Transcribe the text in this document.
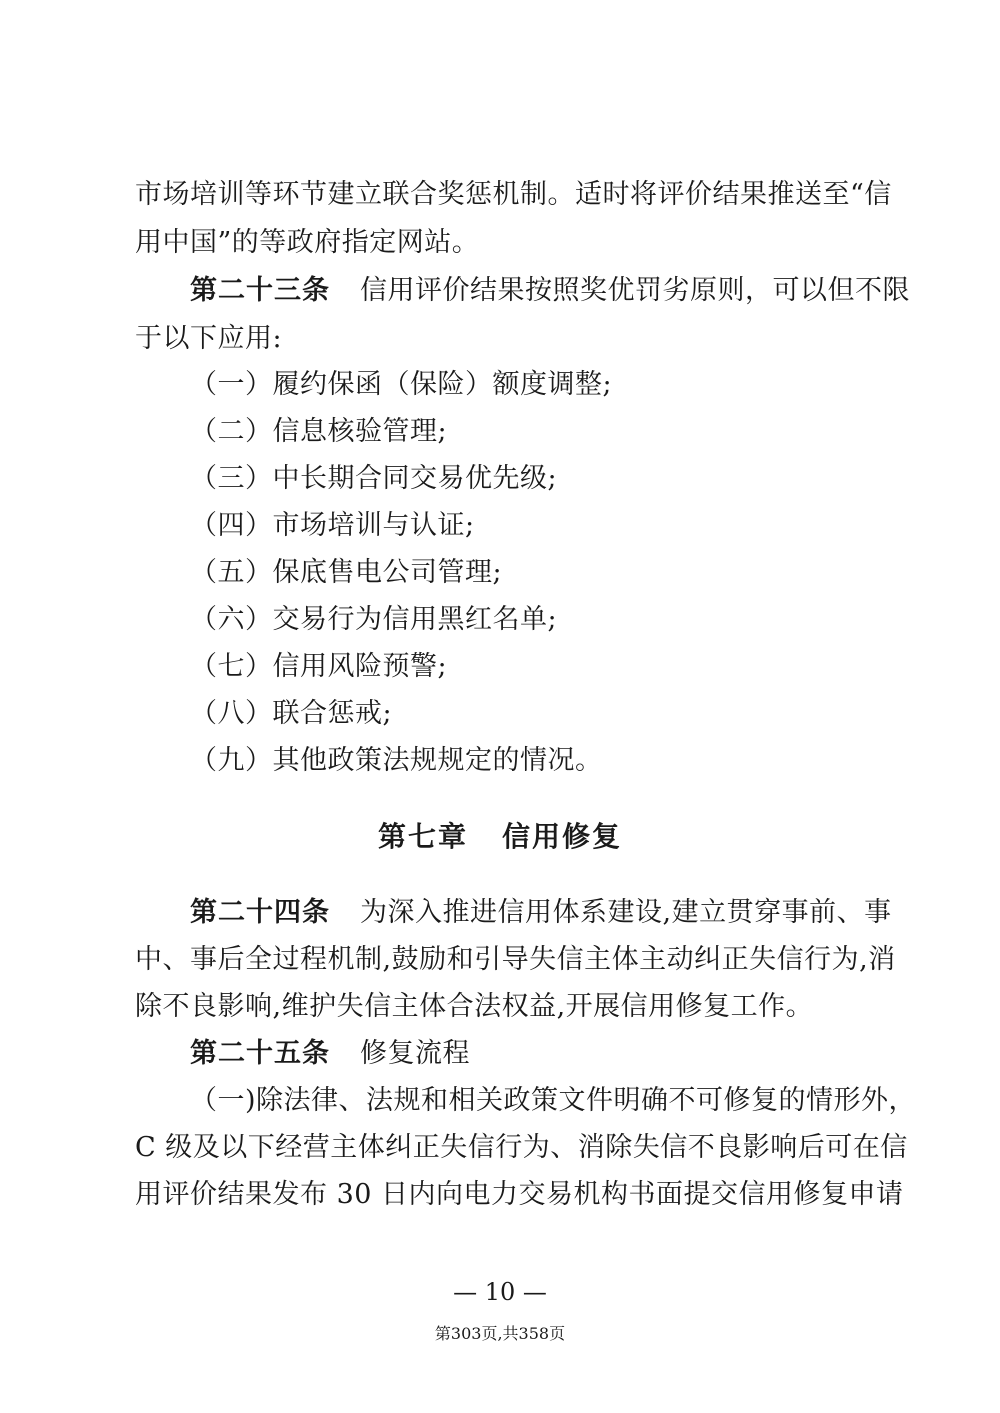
市场培训等环节建立联合奖惩机制。适时将评价结果推送至“信
用中国”的等政府指定网站。
第二十三条 信用评价结果按照奖优罚劣原则，可以但不限
于以下应用:
（一）履约保函（保险）额度调整;
（二）信息核验管理;
（三）中长期合同交易优先级;
（四）市场培训与认证;
（五）保底售电公司管理;
（六）交易行为信用黑红名单;
（七）信用风险预警;
（八）联合惩戒;
（九）其他政策法规规定的情况。
第七章 信用修复
第二十四条 为深入推进信用体系建设,建立贯穿事前、事
中、事后全过程机制,鼓励和引导失信主体主动纠正失信行为,消
除不良影响,维护失信主体合法权益,开展信用修复工作。
第二十五条 修复流程
（一)除法律、法规和相关政策文件明确不可修复的情形外，
C 级及以下经营主体纠正失信行为、消除失信不良影响后可在信
用评价结果发布 30 日内向电力交易机构书面提交信用修复申请
— 10 —
第303页,共358页
